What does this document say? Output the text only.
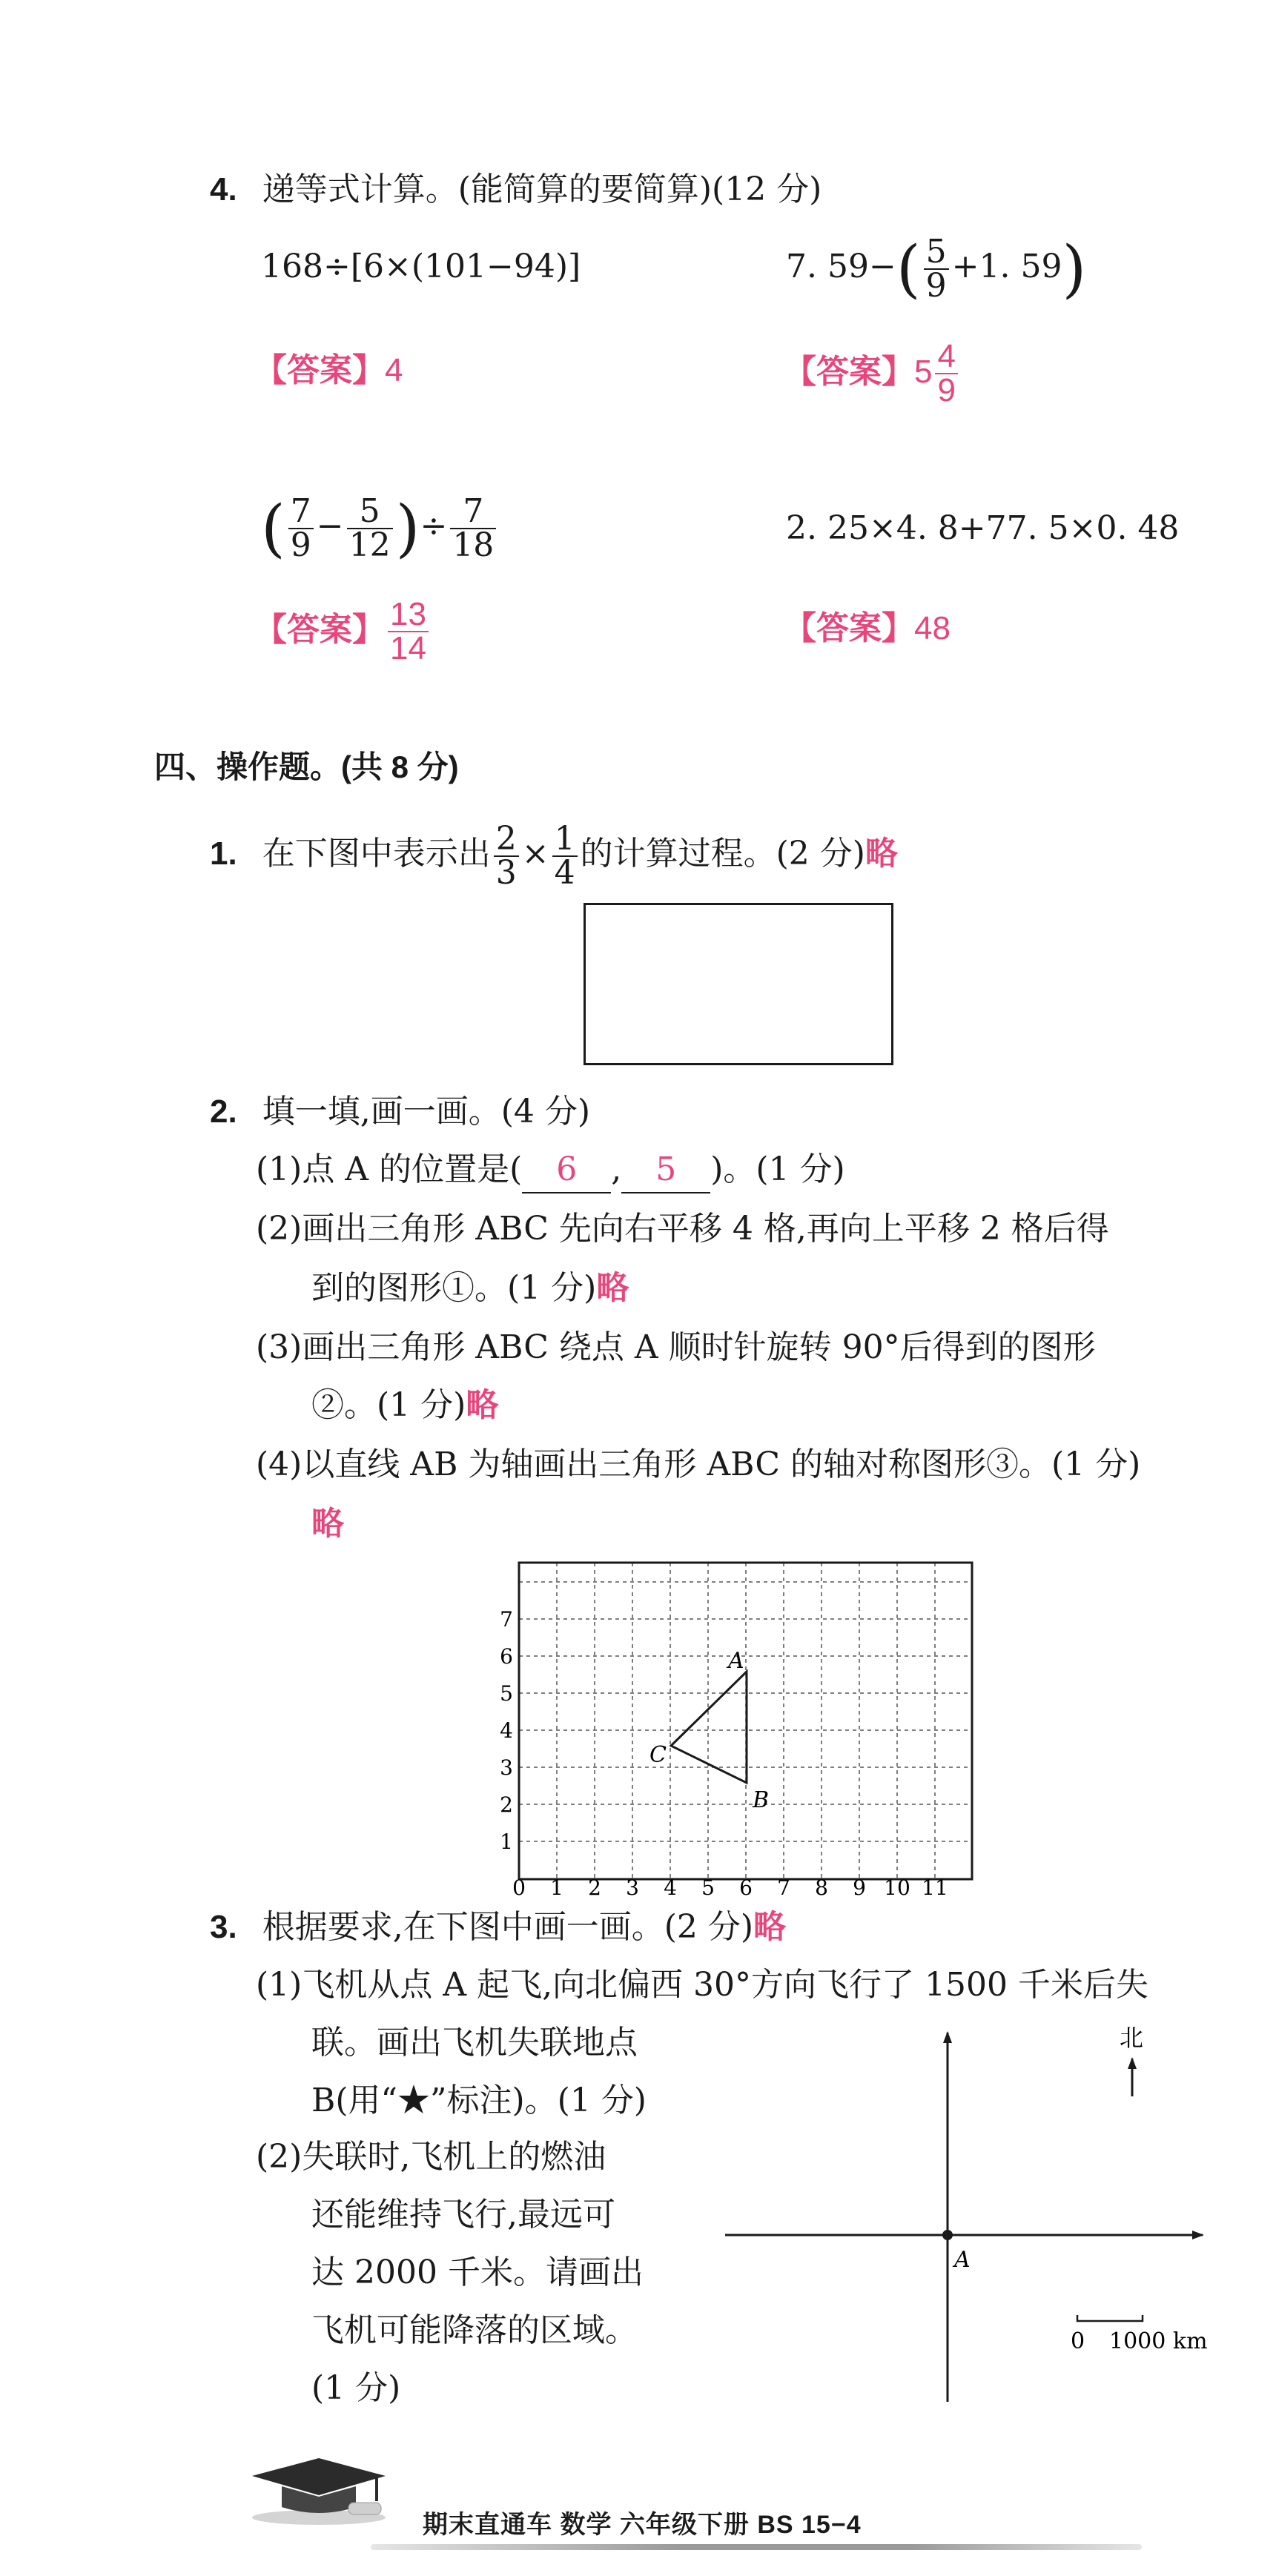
4. 递等式计算。(能简算的要简算)(12 分)
168÷[6×(101−94)]	7. $59-( \frac{5}{9} +1$. 59)
【答案】4	【答案】$5 \frac{4}{9}$
( $\frac{7}{9} - \frac{5}{12}$ )÷ $\frac{7}{18}$	2. 25×4. 8+77. 5×0. 48
【答案】 $\frac{13}{14}$	【答案】48
四、操作题。(共 8 分)
1. 在下图中表示出 $\frac{2}{3} \times \frac{1}{4}$ 的计算过程。(2 分)略
2. 填一填,画一画。(4 分)
(1)点 A 的位置是( 6 , 5 )。(1 分)
(2)画出三角形 ABC 先向右平移 4 格,再向上平移 2 格后得
到的图形①。(1 分)略
(3)画出三角形 ABC 绕点 A 顺时针旋转 90°后得到的图形
②。(1 分)略
(4)以直线 AB 为轴画出三角形 ABC 的轴对称图形③。(1 分)
略
A
B
C
0 1 2 3 4 5 6 7 8 9 10 11
1
2
3
4
5
6
7
3. 根据要求,在下图中画一画。(2 分)略
(1)飞机从点 A 起飞,向北偏西 30°方向飞行了 1500 千米后失
联。画出飞机失联地点
B(用“★”标注)。(1 分)
(2)失联时,飞机上的燃油
还能维持飞行,最远可
达 2000 千米。请画出
飞机可能降落的区域。
(1 分)
A
北
0 1000 km
期末直通车 数学 六年级下册 BS 15−4
